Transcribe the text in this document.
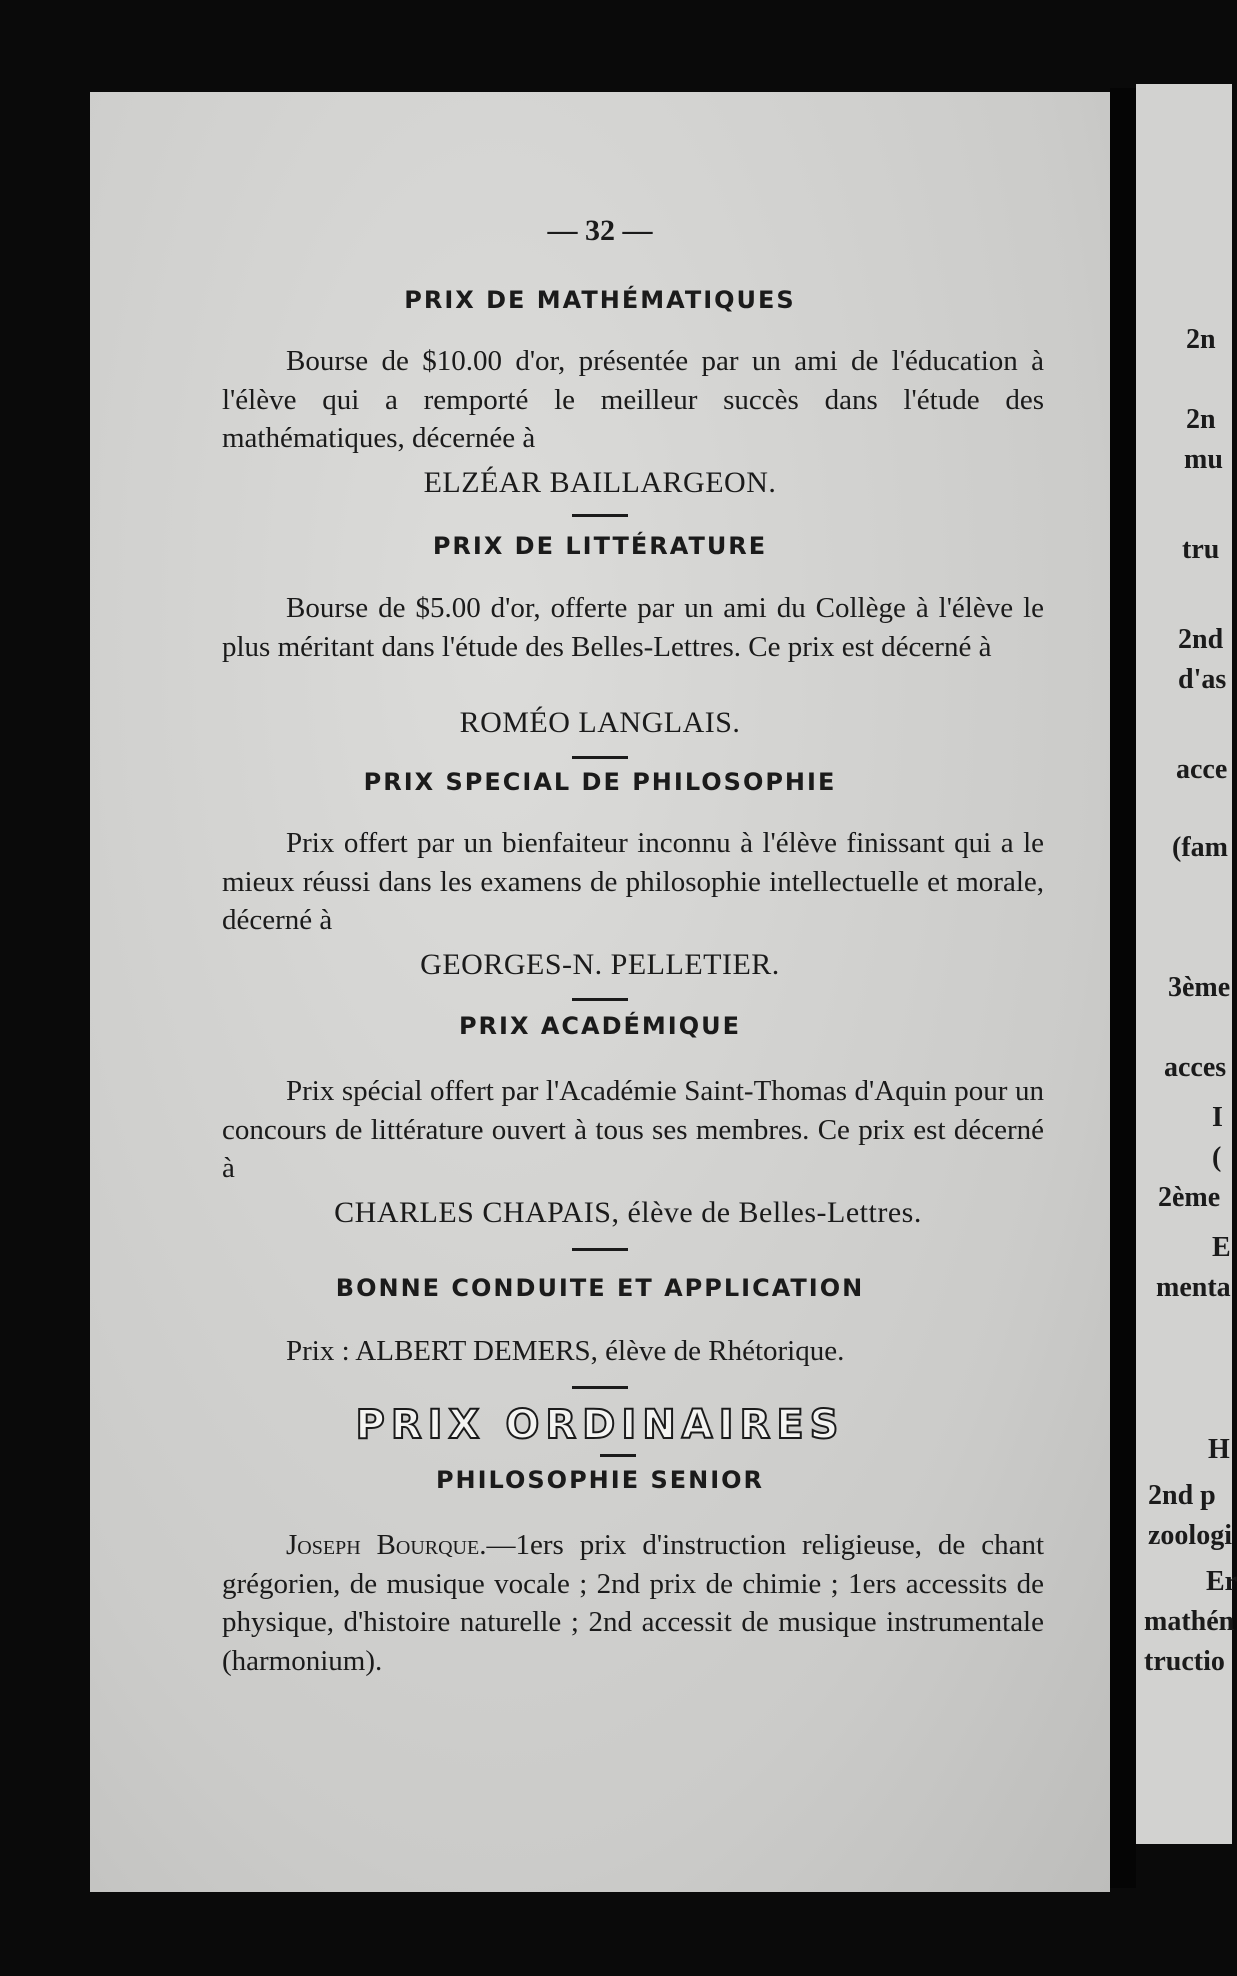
— 32 —
PRIX DE MATHÉMATIQUES
Bourse de $10.00 d'or, présentée par un ami de l'éducation à l'élève qui a remporté le meilleur succès dans l'étude des mathématiques, décernée à
ELZÉAR BAILLARGEON.
PRIX DE LITTÉRATURE
Bourse de $5.00 d'or, offerte par un ami du Collège à l'élève le plus méritant dans l'étude des Belles-Lettres. Ce prix est décerné à
ROMÉO LANGLAIS.
PRIX SPECIAL DE PHILOSOPHIE
Prix offert par un bienfaiteur inconnu à l'élève finissant qui a le mieux réussi dans les examens de philosophie intellectuelle et morale, décerné à
GEORGES-N. PELLETIER.
PRIX ACADÉMIQUE
Prix spécial offert par l'Académie Saint-Thomas d'Aquin pour un concours de littérature ouvert à tous ses membres. Ce prix est décerné à
CHARLES CHAPAIS, élève de Belles-Lettres.
BONNE CONDUITE ET APPLICATION
Prix : ALBERT DEMERS, élève de Rhétorique.
PRIX ORDINAIRES
PHILOSOPHIE SENIOR
Joseph Bourque.—1ers prix d'instruction religieuse, de chant grégorien, de musique vocale ; 2nd prix de chimie ; 1ers accessits de physique, d'histoire naturelle ; 2nd accessit de musique instrumentale (harmonium).
2n
2n
mu
tru
2nd
d'as
acce
(fam
3ème
acces
I
(
2ème
E
menta
H
2nd p
zoologi
Er
mathén
tructio
